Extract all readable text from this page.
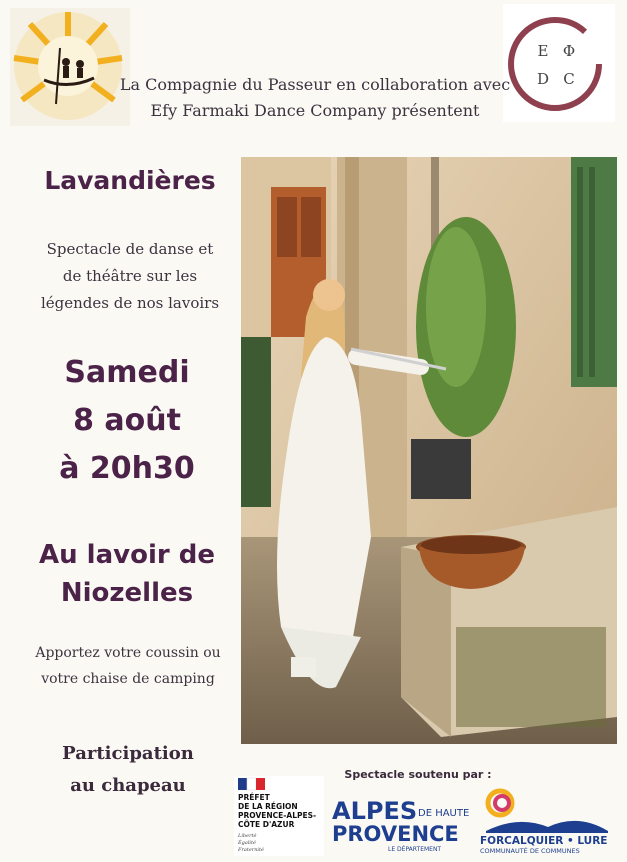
Ε Φ
D C
La Compagnie du Passeur en collaboration avec
Efy Farmaki Dance Company présentent
Lavandières
Spectacle de danse et
de théâtre sur les
légendes de nos lavoirs
Samedi
8 août
à 20h30
Au lavoir de
Niozelles
Apportez votre coussin ou
votre chaise de camping
Participation
au chapeau
Spectacle soutenu par :
PRÉFET
DE LA RÉGION
PROVENCE-ALPES-
CÔTE D'AZUR
Liberté
Égalité
Fraternité
ALPES DE HAUTE
PROVENCE
LE DÉPARTEMENT
FORCALQUIER • LURE
COMMUNAUTÉ DE COMMUNES
